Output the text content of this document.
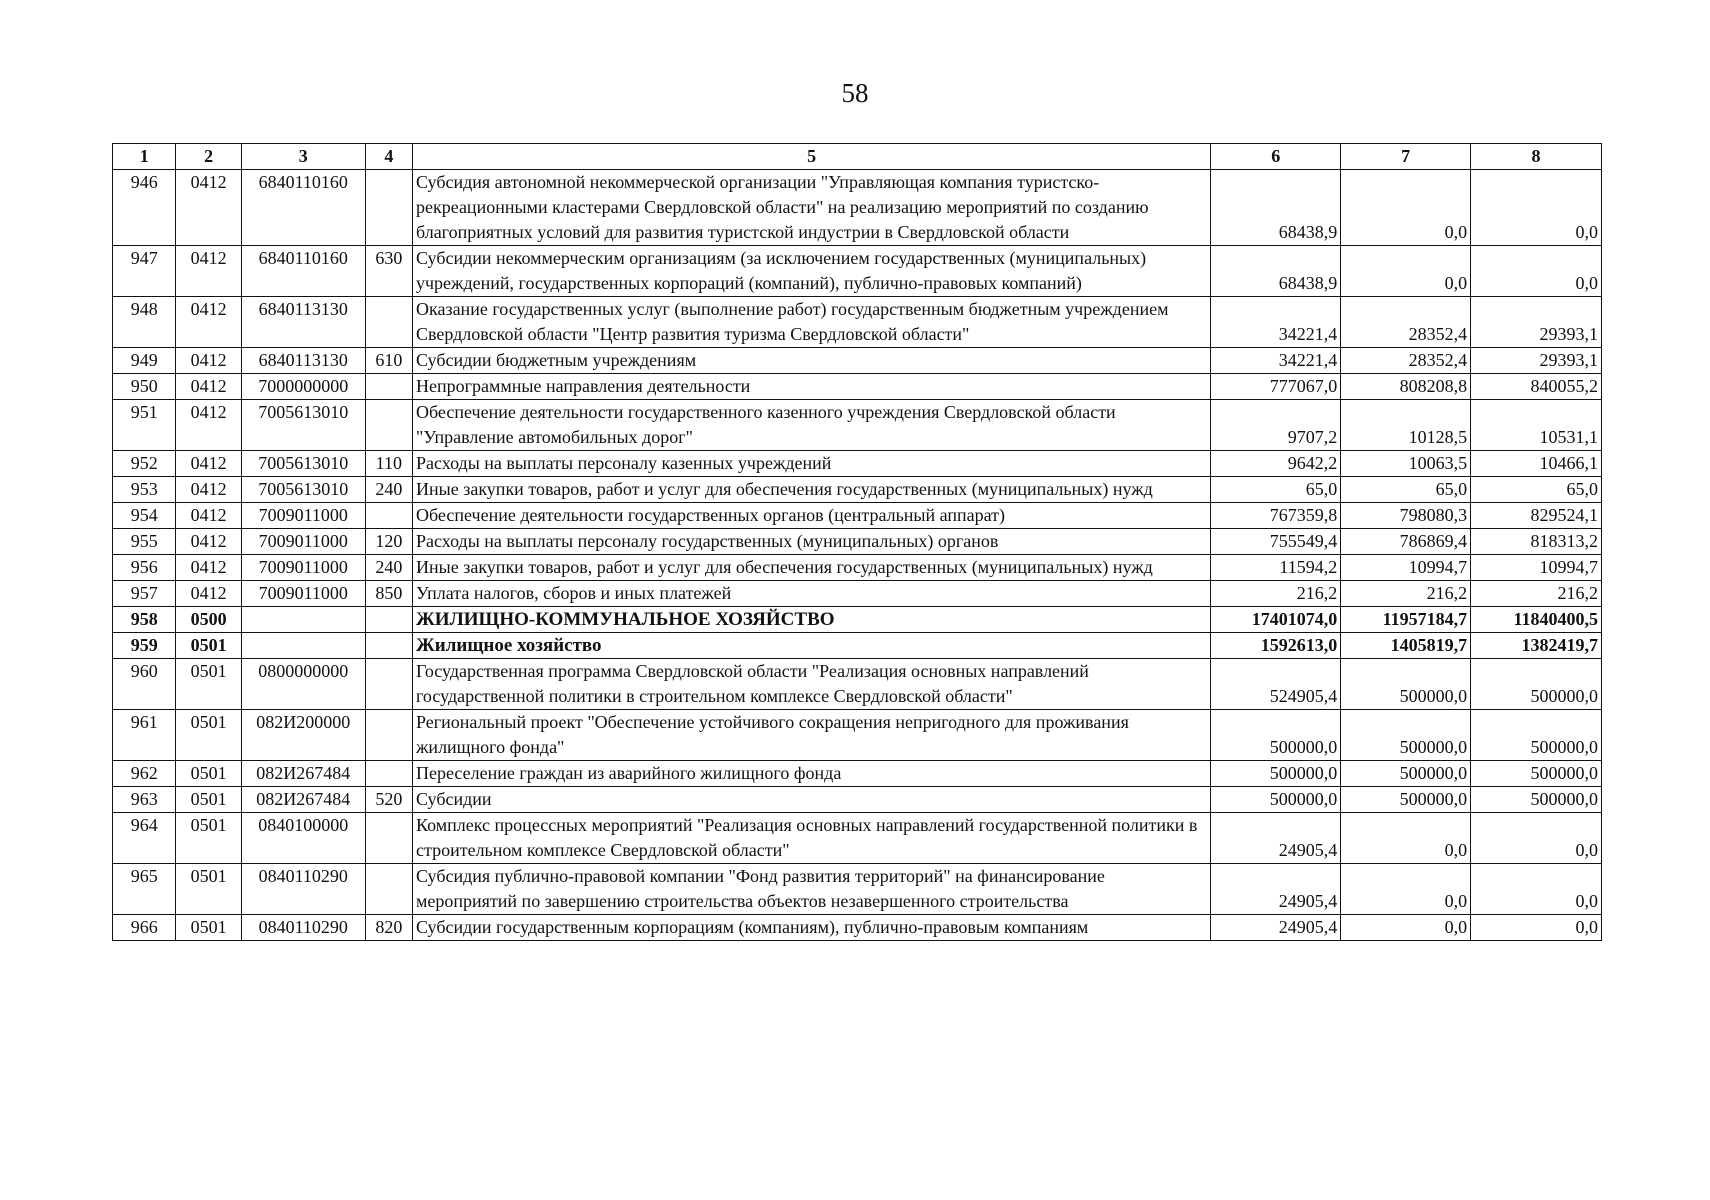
58
1	2	3	4	5	6	7	8
946	0412	6840110160		Субсидия автономной некоммерческой организации "Управляющая компания туристско-рекреационными кластерами Свердловской области" на реализацию мероприятий по созданию благоприятных условий для развития туристской индустрии в Свердловской области	68438,9	0,0	0,0
947	0412	6840110160	630	Субсидии некоммерческим организациям (за исключением государственных (муниципальных) учреждений, государственных корпораций (компаний), публично-правовых компаний)	68438,9	0,0	0,0
948	0412	6840113130		Оказание государственных услуг (выполнение работ) государственным бюджетным учреждением Свердловской области "Центр развития туризма Свердловской области"	34221,4	28352,4	29393,1
949	0412	6840113130	610	Субсидии бюджетным учреждениям	34221,4	28352,4	29393,1
950	0412	7000000000		Непрограммные направления деятельности	777067,0	808208,8	840055,2
951	0412	7005613010		Обеспечение деятельности государственного казенного учреждения Свердловской области "Управление автомобильных дорог"	9707,2	10128,5	10531,1
952	0412	7005613010	110	Расходы на выплаты персоналу казенных учреждений	9642,2	10063,5	10466,1
953	0412	7005613010	240	Иные закупки товаров, работ и услуг для обеспечения государственных (муниципальных) нужд	65,0	65,0	65,0
954	0412	7009011000		Обеспечение деятельности государственных органов (центральный аппарат)	767359,8	798080,3	829524,1
955	0412	7009011000	120	Расходы на выплаты персоналу государственных (муниципальных) органов	755549,4	786869,4	818313,2
956	0412	7009011000	240	Иные закупки товаров, работ и услуг для обеспечения государственных (муниципальных) нужд	11594,2	10994,7	10994,7
957	0412	7009011000	850	Уплата налогов, сборов и иных платежей	216,2	216,2	216,2
958	0500			ЖИЛИЩНО-КОММУНАЛЬНОЕ ХОЗЯЙСТВО	17401074,0	11957184,7	11840400,5
959	0501			Жилищное хозяйство	1592613,0	1405819,7	1382419,7
960	0501	0800000000		Государственная программа Свердловской области "Реализация основных направлений государственной политики в строительном комплексе Свердловской области"	524905,4	500000,0	500000,0
961	0501	082И200000		Региональный проект "Обеспечение устойчивого сокращения непригодного для проживания жилищного фонда"	500000,0	500000,0	500000,0
962	0501	082И267484		Переселение граждан из аварийного жилищного фонда	500000,0	500000,0	500000,0
963	0501	082И267484	520	Субсидии	500000,0	500000,0	500000,0
964	0501	0840100000		Комплекс процессных мероприятий "Реализация основных направлений государственной политики в строительном комплексе Свердловской области"	24905,4	0,0	0,0
965	0501	0840110290		Субсидия публично-правовой компании "Фонд развития территорий" на финансирование мероприятий по завершению строительства объектов незавершенного строительства	24905,4	0,0	0,0
966	0501	0840110290	820	Субсидии государственным корпорациям (компаниям), публично-правовым компаниям	24905,4	0,0	0,0
